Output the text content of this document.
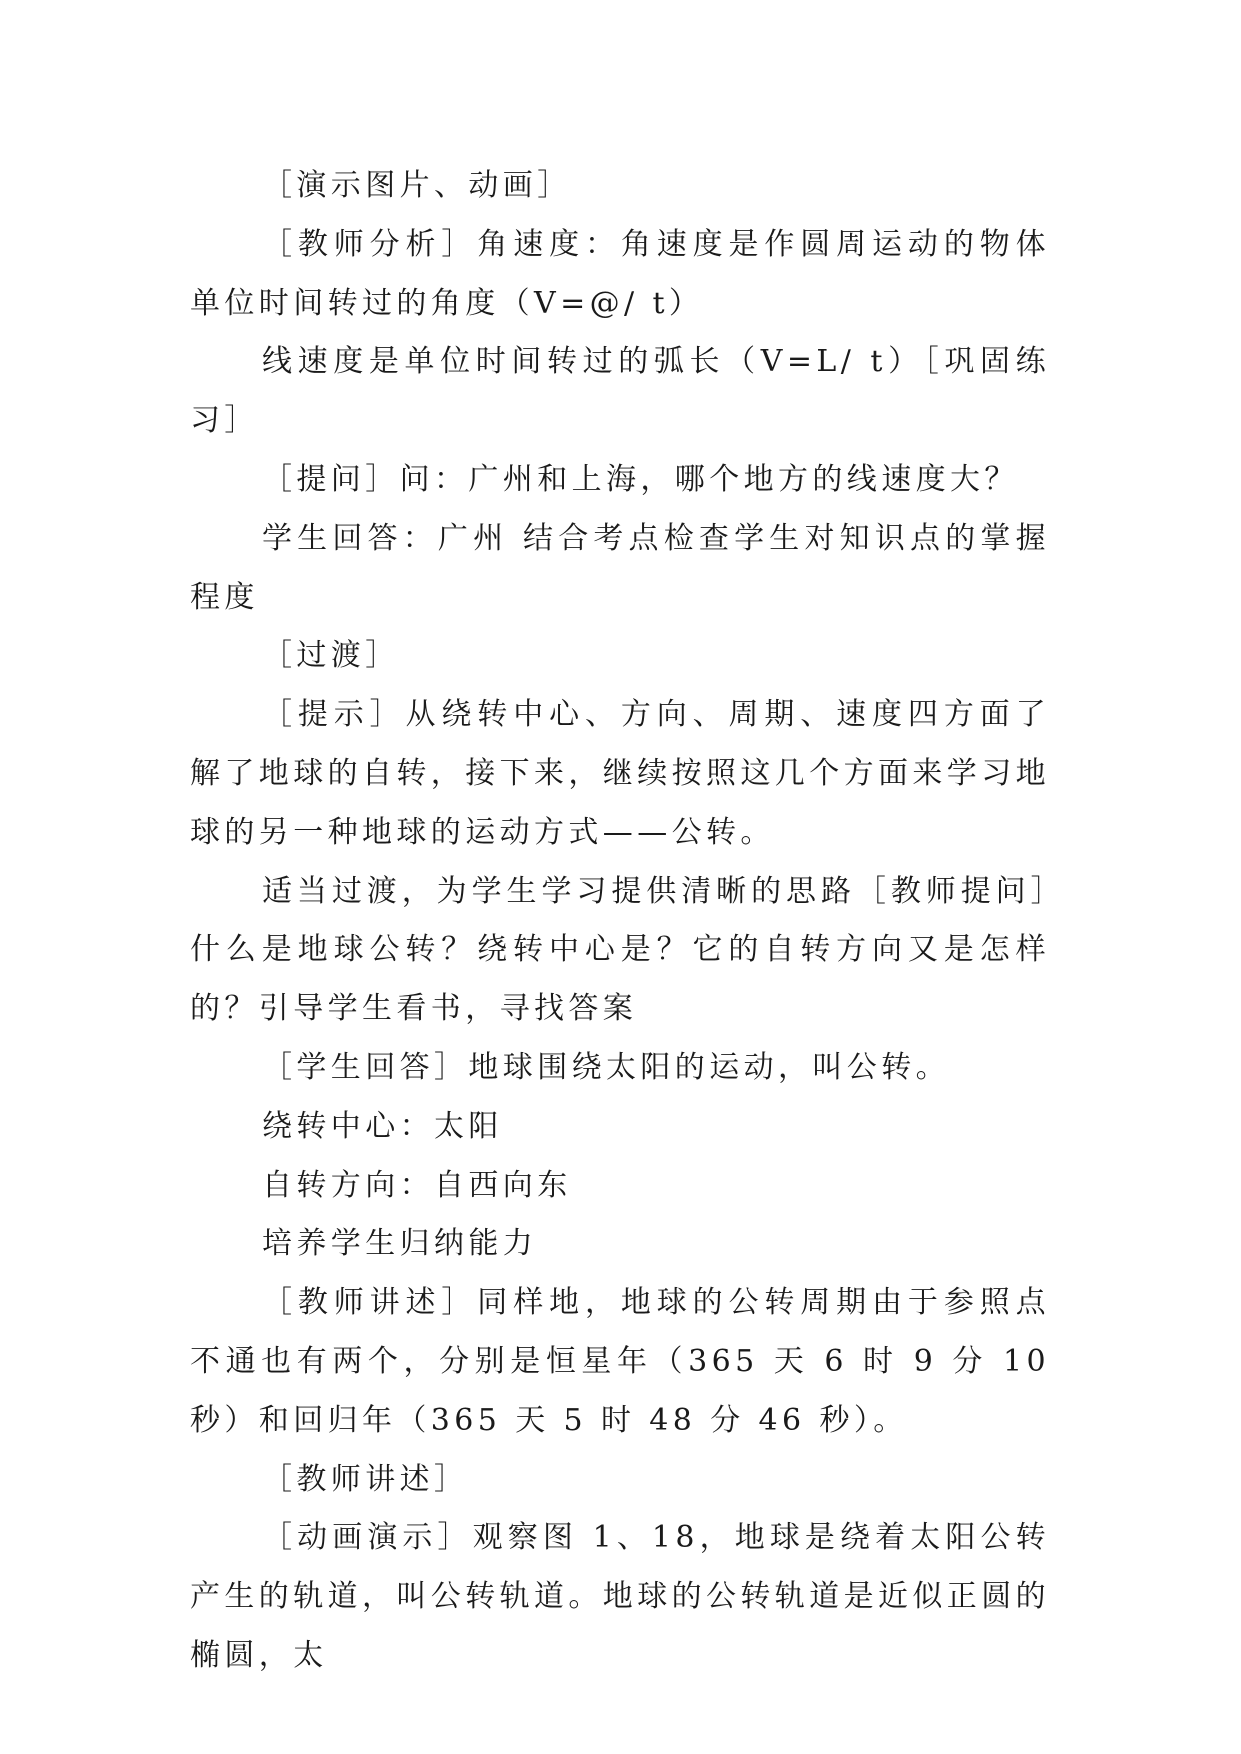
［演示图片、动画］

［教师分析］角速度：角速度是作圆周运动的物体单位时间转过的角度（V=@/ t）

线速度是单位时间转过的弧长（V=L/ t）［巩固练习］

［提问］问：广州和上海，哪个地方的线速度大？

学生回答：广州 结合考点检查学生对知识点的掌握程度

［过渡］

［提示］从绕转中心、方向、周期、速度四方面了解了地球的自转，接下来，继续按照这几个方面来学习地球的另一种地球的运动方式——公转。

适当过渡，为学生学习提供清晰的思路［教师提问］什么是地球公转？绕转中心是？它的自转方向又是怎样的？引导学生看书，寻找答案

［学生回答］地球围绕太阳的运动，叫公转。

绕转中心：太阳

自转方向：自西向东

培养学生归纳能力

［教师讲述］同样地，地球的公转周期由于参照点不通也有两个，分别是恒星年（365 天 6 时 9 分 10 秒）和回归年（365 天 5 时 48 分 46 秒）。

［教师讲述］

［动画演示］观察图 1、18，地球是绕着太阳公转产生的轨道，叫公转轨道。地球的公转轨道是近似正圆的椭圆，太
